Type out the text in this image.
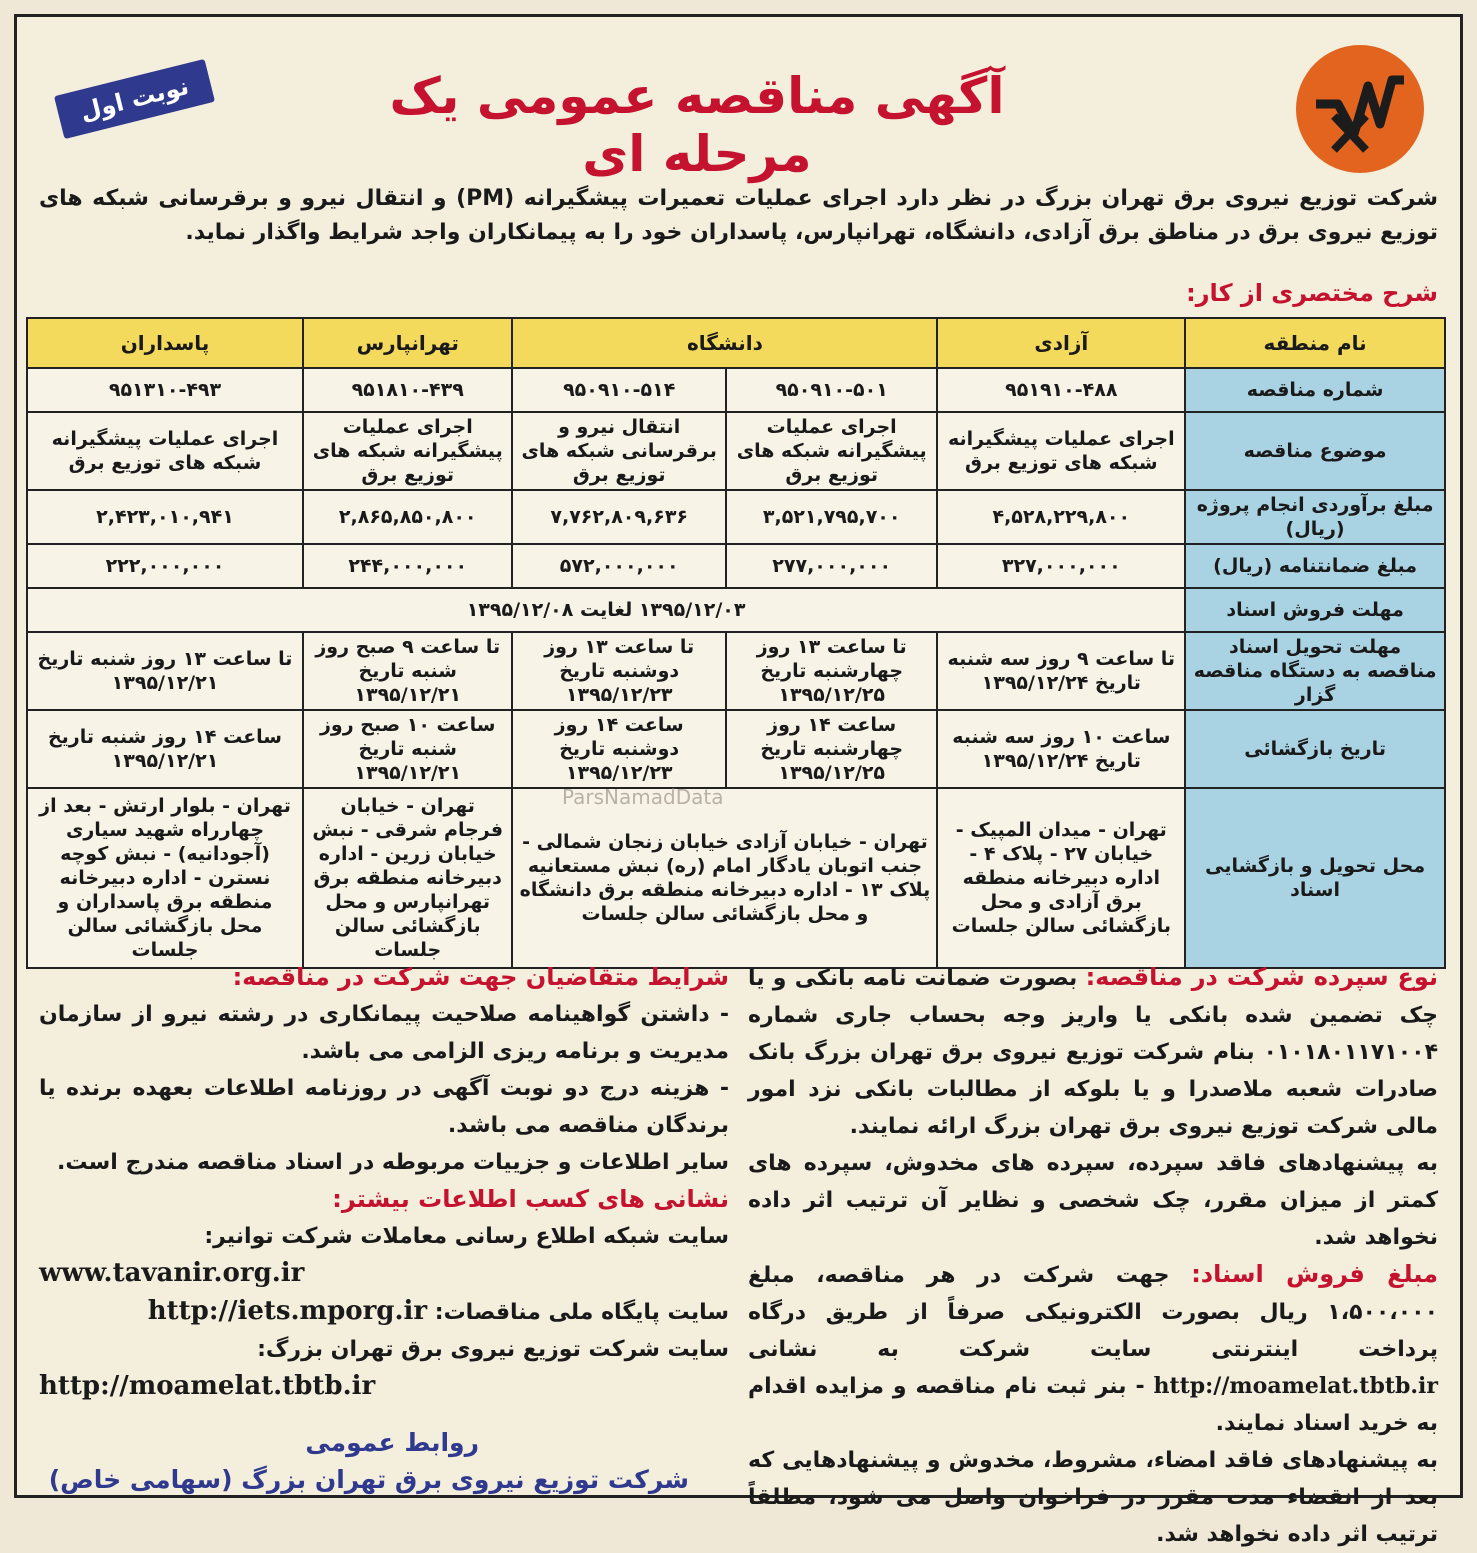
آگهی مناقصه عمومی یک مرحله ای
نوبت اول
شرکت توزیع نیروی برق تهران بزرگ در نظر دارد اجرای عملیات تعمیرات پیشگیرانه (PM) و انتقال نیرو و برقرسانی شبکه های توزیع نیروی برق در مناطق برق آزادی، دانشگاه، تهرانپارس، پاسداران خود را به پیمانکاران واجد شرایط واگذار نماید.
شرح مختصری از کار:
نام منطقه	آزادی	دانشگاه		تهرانپارس	پاسداران
شماره مناقصه	۹۵۱۹۱۰-۴۸۸	۹۵۰۹۱۰-۵۰۱	۹۵۰۹۱۰-۵۱۴	۹۵۱۸۱۰-۴۳۹	۹۵۱۳۱۰-۴۹۳
موضوع مناقصه	اجرای عملیات پیشگیرانه شبکه های توزیع برق	اجرای عملیات پیشگیرانه شبکه های توزیع برق	انتقال نیرو و برقرسانی شبکه های توزیع برق	اجرای عملیات پیشگیرانه شبکه های توزیع برق	اجرای عملیات پیشگیرانه شبکه های توزیع برق
مبلغ برآوردی انجام پروژه (ریال)	۴,۵۲۸,۲۲۹,۸۰۰	۳,۵۲۱,۷۹۵,۷۰۰	۷,۷۶۲,۸۰۹,۶۳۶	۲,۸۶۵,۸۵۰,۸۰۰	۲,۴۲۳,۰۱۰,۹۴۱
مبلغ ضمانتنامه (ریال)	۳۲۷,۰۰۰,۰۰۰	۲۷۷,۰۰۰,۰۰۰	۵۷۲,۰۰۰,۰۰۰	۲۴۴,۰۰۰,۰۰۰	۲۲۲,۰۰۰,۰۰۰
مهلت فروش اسناد	۱۳۹۵/۱۲/۰۳ لغایت ۱۳۹۵/۱۲/۰۸				
مهلت تحویل اسناد مناقصه به دستگاه مناقصه گزار	تا ساعت ۹ روز سه شنبه تاریخ ۱۳۹۵/۱۲/۲۴	تا ساعت ۱۳ روز چهارشنبه تاریخ ۱۳۹۵/۱۲/۲۵	تا ساعت ۱۳ روز دوشنبه تاریخ ۱۳۹۵/۱۲/۲۳	تا ساعت ۹ صبح روز شنبه تاریخ ۱۳۹۵/۱۲/۲۱	تا ساعت ۱۳ روز شنبه تاریخ ۱۳۹۵/۱۲/۲۱
تاریخ بازگشائی	ساعت ۱۰ روز سه شنبه تاریخ ۱۳۹۵/۱۲/۲۴	ساعت ۱۴ روز چهارشنبه تاریخ ۱۳۹۵/۱۲/۲۵	ساعت ۱۴ روز دوشنبه تاریخ ۱۳۹۵/۱۲/۲۳	ساعت ۱۰ صبح روز شنبه تاریخ ۱۳۹۵/۱۲/۲۱	ساعت ۱۴ روز شنبه تاریخ ۱۳۹۵/۱۲/۲۱
محل تحویل و بازگشایی اسناد	تهران - میدان المپیک - خیابان ۲۷ - پلاک ۴ - اداره دبیرخانه منطقه برق آزادی و محل بازگشائی سالن جلسات	تهران - خیابان آزادی خیابان زنجان شمالی - جنب اتوبان یادگار امام (ره) نبش مستعانیه پلاک ۱۳ - اداره دبیرخانه منطقه برق دانشگاه و محل بازگشائی سالن جلسات		تهران - خیابان فرجام شرقی - نبش خیابان زرین - اداره دبیرخانه منطقه برق تهرانپارس و محل بازگشائی سالن جلسات	تهران - بلوار ارتش - بعد از چهارراه شهید سیاری (آجودانیه) - نبش کوچه نسترن - اداره دبیرخانه منطقه برق پاسداران و محل بازگشائی سالن جلسات
ParsNamadData
نوع سپرده شرکت در مناقصه: بصورت ضمانت نامه بانکی و یا چک تضمین شده بانکی یا واریز وجه بحساب جاری شماره ۰۱۰۱۸۰۱۱۷۱۰۰۴ بنام شرکت توزیع نیروی برق تهران بزرگ بانک صادرات شعبه ملاصدرا و یا بلوکه از مطالبات بانکی نزد امور مالی شرکت توزیع نیروی برق تهران بزرگ ارائه نمایند.
به پیشنهادهای فاقد سپرده، سپرده های مخدوش، سپرده های کمتر از میزان مقرر، چک شخصی و نظایر آن ترتیب اثر داده نخواهد شد.
مبلغ فروش اسناد: جهت شرکت در هر مناقصه، مبلغ ۱،۵۰۰،۰۰۰ ریال بصورت الکترونیکی صرفاً از طریق درگاه پرداخت اینترنتی سایت شرکت به نشانی http://moamelat.tbtb.ir - بنر ثبت نام مناقصه و مزایده اقدام به خرید اسناد نمایند.
به پیشنهادهای فاقد امضاء، مشروط، مخدوش و پیشنهادهایی که بعد از انقضاء مدت مقرر در فراخوان واصل می شود، مطلقاً ترتیب اثر داده نخواهد شد.
شرایط متقاضیان جهت شرکت در مناقصه:
- داشتن گواهینامه صلاحیت پیمانکاری در رشته نیرو از سازمان مدیریت و برنامه ریزی الزامی می باشد.
- هزینه درج دو نوبت آگهی در روزنامه اطلاعات بعهده برنده یا برندگان مناقصه می باشد.
سایر اطلاعات و جزییات مربوطه در اسناد مناقصه مندرج است.
نشانی های کسب اطلاعات بیشتر:
سایت شبکه اطلاع رسانی معاملات شرکت توانیر:
www.tavanir.org.ir
سایت پایگاه ملی مناقصات: http://iets.mporg.ir
سایت شرکت توزیع نیروی برق تهران بزرگ:
http://moamelat.tbtb.ir
روابط عمومی
شرکت توزیع نیروی برق تهران بزرگ (سهامی خاص)
